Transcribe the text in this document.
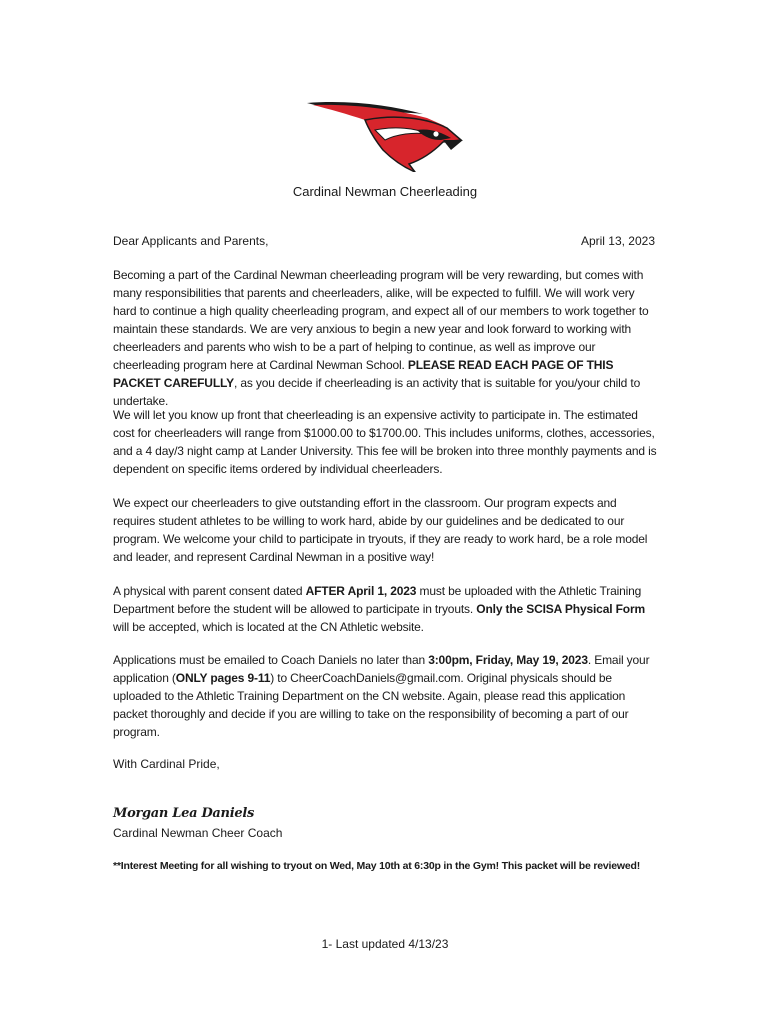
Cardinal Newman Cheerleading
Dear Applicants and Parents,	April 13, 2023

Becoming a part of the Cardinal Newman cheerleading program will be very rewarding, but comes with many responsibilities that parents and cheerleaders, alike, will be expected to fulfill. We will work very hard to continue a high quality cheerleading program, and expect all of our members to work together to maintain these standards. We are very anxious to begin a new year and look forward to working with cheerleaders and parents who wish to be a part of helping to continue, as well as improve our cheerleading program here at Cardinal Newman School. PLEASE READ EACH PAGE OF THIS PACKET CAREFULLY, as you decide if cheerleading is an activity that is suitable for you/your child to undertake.

We will let you know up front that cheerleading is an expensive activity to participate in. The estimated cost for cheerleaders will range from $1000.00 to $1700.00. This includes uniforms, clothes, accessories, and a 4 day/3 night camp at Lander University. This fee will be broken into three monthly payments and is dependent on specific items ordered by individual cheerleaders.

We expect our cheerleaders to give outstanding effort in the classroom. Our program expects and requires student athletes to be willing to work hard, abide by our guidelines and be dedicated to our program. We welcome your child to participate in tryouts, if they are ready to work hard, be a role model and leader, and represent Cardinal Newman in a positive way!

A physical with parent consent dated AFTER April 1, 2023 must be uploaded with the Athletic Training Department before the student will be allowed to participate in tryouts. Only the SCISA Physical Form will be accepted, which is located at the CN Athletic website.

Applications must be emailed to Coach Daniels no later than 3:00pm, Friday, May 19, 2023. Email your application (ONLY pages 9-11) to CheerCoachDaniels@gmail.com. Original physicals should be uploaded to the Athletic Training Department on the CN website. Again, please read this application packet thoroughly and decide if you are willing to take on the responsibility of becoming a part of our program.

With Cardinal Pride,
Morgan Lea Daniels
Cardinal Newman Cheer Coach
**Interest Meeting for all wishing to tryout on Wed, May 10th at 6:30p in the Gym! This packet will be reviewed!
1- Last updated 4/13/23
